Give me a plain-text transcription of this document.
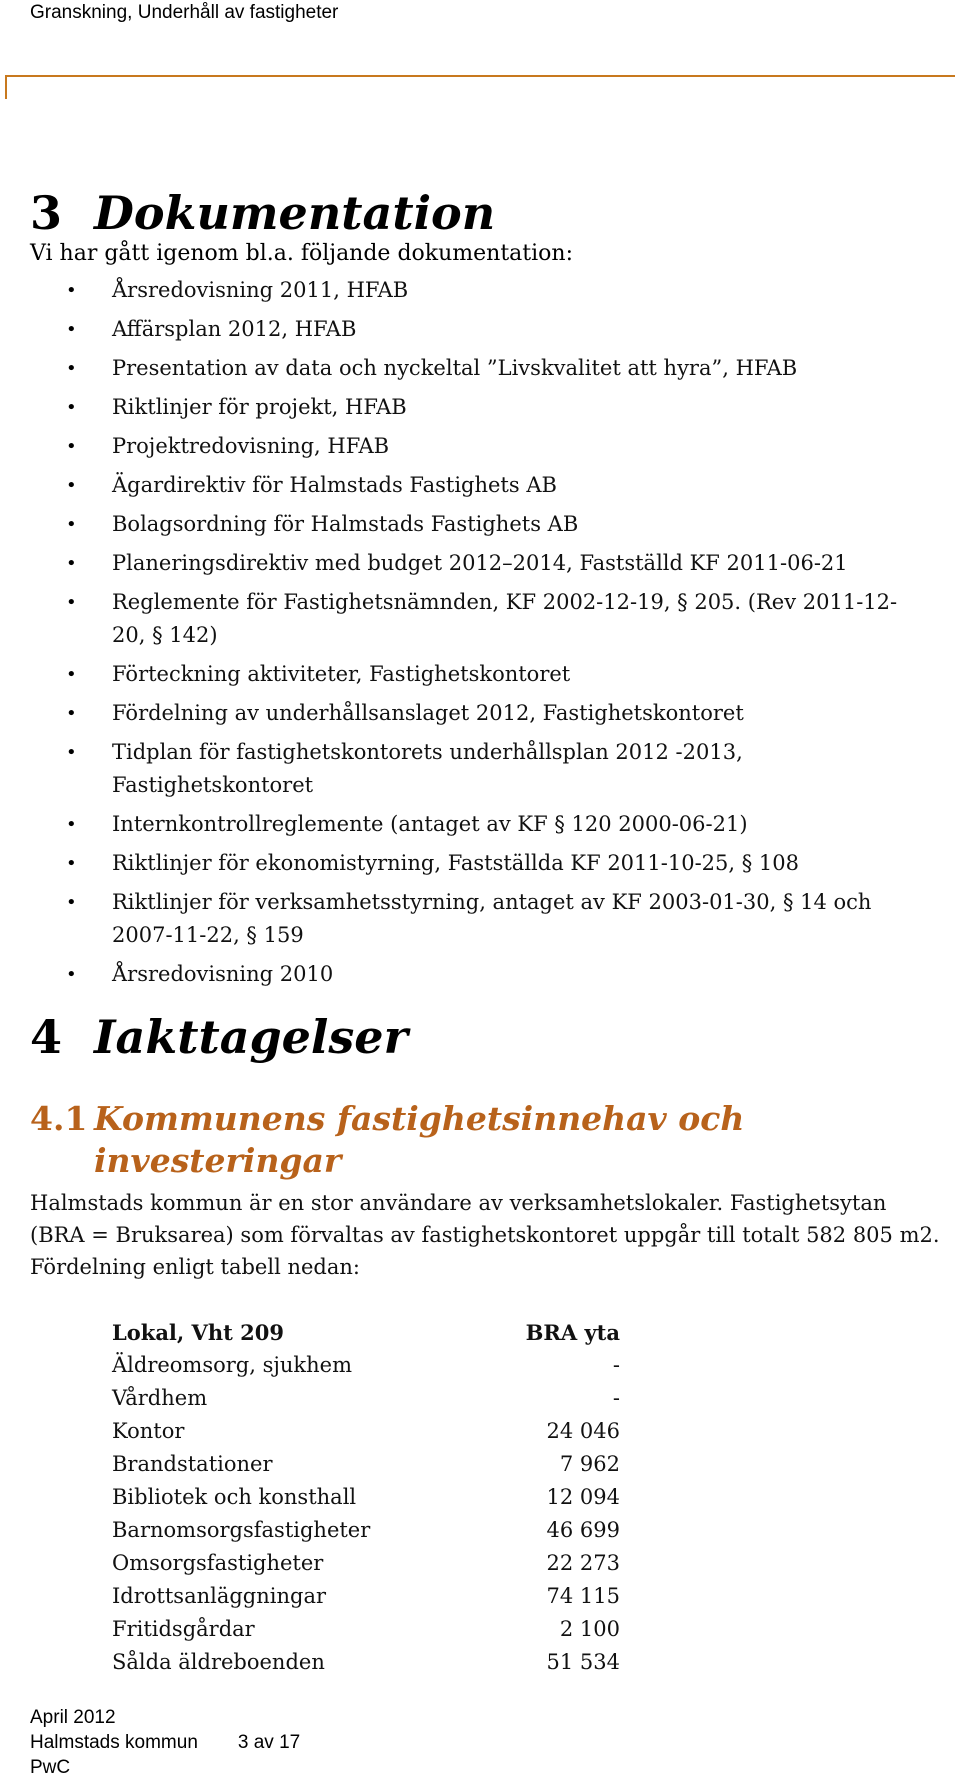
Granskning, Underhåll av fastigheter
3 Dokumentation
Vi har gått igenom bl.a. följande dokumentation:
• Årsredovisning 2011, HFAB
• Affärsplan 2012, HFAB
• Presentation av data och nyckeltal ”Livskvalitet att hyra”, HFAB
• Riktlinjer för projekt, HFAB
• Projektredovisning, HFAB
• Ägardirektiv för Halmstads Fastighets AB
• Bolagsordning för Halmstads Fastighets AB
• Planeringsdirektiv med budget 2012–2014, Fastställd KF 2011-06-21
• Reglemente för Fastighetsnämnden, KF 2002-12-19, § 205. (Rev 2011-12-20, § 142)
• Förteckning aktiviteter, Fastighetskontoret
• Fördelning av underhållsanslaget 2012, Fastighetskontoret
• Tidplan för fastighetskontorets underhållsplan 2012 -2013, Fastighetskontoret
• Internkontrollreglemente (antaget av KF § 120 2000-06-21)
• Riktlinjer för ekonomistyrning, Fastställda KF 2011-10-25, § 108
• Riktlinjer för verksamhetsstyrning, antaget av KF 2003-01-30, § 14 och 2007-11-22, § 159
• Årsredovisning 2010
4 Iakttagelser
4.1 Kommunens fastighetsinnehav och
investeringar
Halmstads kommun är en stor användare av verksamhetslokaler. Fastighetsytan (BRA = Bruksarea) som förvaltas av fastighetskontoret uppgår till totalt 582 805 m2. Fördelning enligt tabell nedan:
Lokal, Vht 209	BRA yta
Äldreomsorg, sjukhem	-
Vårdhem	-
Kontor	24 046
Brandstationer	7 962
Bibliotek och konsthall	12 094
Barnomsorgsfastigheter	46 699
Omsorgsfastigheter	22 273
Idrottsanläggningar	74 115
Fritidsgårdar	2 100
Sålda äldreboenden	51 534
April 2012
Halmstads kommun 3 av 17
PwC
